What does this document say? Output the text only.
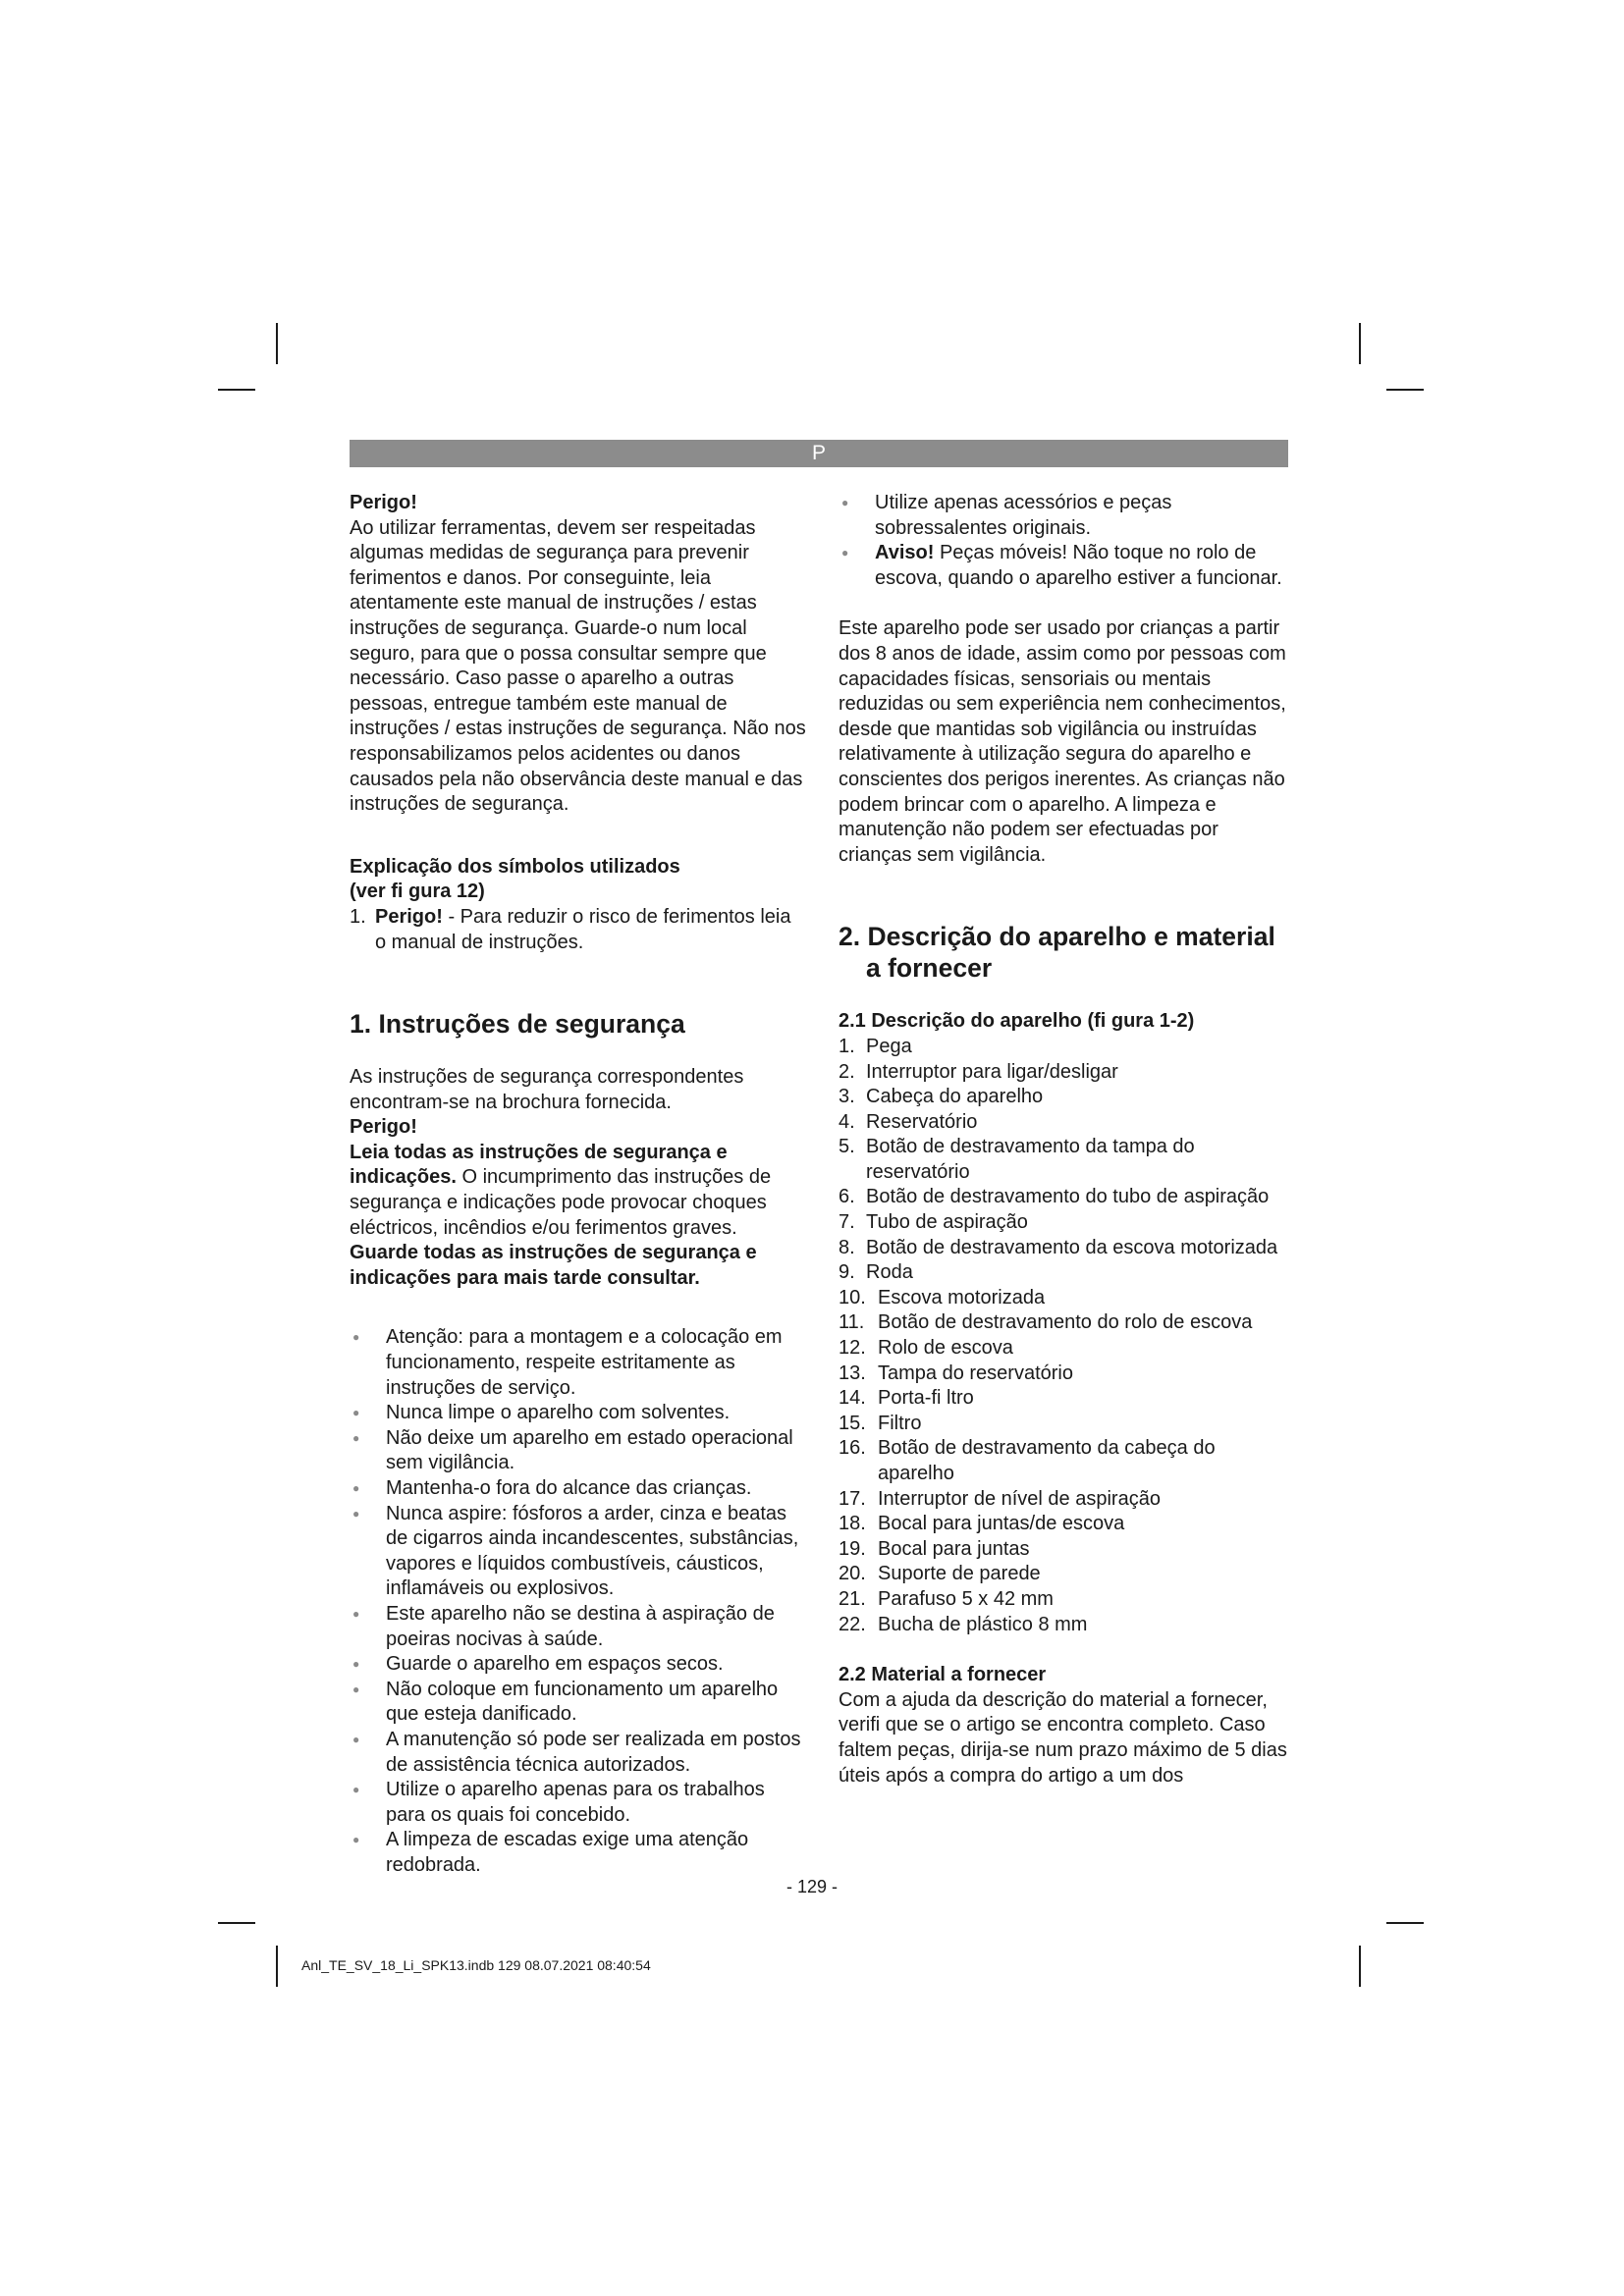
P

Perigo!

Ao utilizar ferramentas, devem ser respeitadas algumas medidas de segurança para prevenir ferimentos e danos. Por conseguinte, leia atentamente este manual de instruções / estas instruções de segurança. Guarde-o num local seguro, para que o possa consultar sempre que necessário. Caso passe o aparelho a outras pessoas, entregue também este manual de instruções / estas instruções de segurança. Não nos responsabilizamos pelos acidentes ou danos causados pela não observância deste manual e das instruções de segurança.

Explicação dos símbolos utilizados

(ver fi gura 12)

1. Perigo! - Para reduzir o risco de ferimentos leia o manual de instruções.

1. Instruções de segurança

As instruções de segurança correspondentes encontram-se na brochura fornecida.

Perigo!

Leia todas as instruções de segurança e indicações. O incumprimento das instruções de segurança e indicações pode provocar choques eléctricos, incêndios e/ou ferimentos graves.

Guarde todas as instruções de segurança e indicações para mais tarde consultar.

● Atenção: para a montagem e a colocação em funcionamento, respeite estritamente as instruções de serviço.
● Nunca limpe o aparelho com solventes.
● Não deixe um aparelho em estado operacional sem vigilância.
● Mantenha-o fora do alcance das crianças.
● Nunca aspire: fósforos a arder, cinza e beatas de cigarros ainda incandescentes, substâncias, vapores e líquidos combustíveis, cáusticos, inflamáveis ou explosivos.
● Este aparelho não se destina à aspiração de poeiras nocivas à saúde.
● Guarde o aparelho em espaços secos.
● Não coloque em funcionamento um aparelho que esteja danificado.
● A manutenção só pode ser realizada em postos de assistência técnica autorizados.
● Utilize o aparelho apenas para os trabalhos para os quais foi concebido.
● A limpeza de escadas exige uma atenção redobrada.
● Utilize apenas acessórios e peças sobressalentes originais.
● Aviso! Peças móveis! Não toque no rolo de escova, quando o aparelho estiver a funcionar.

Este aparelho pode ser usado por crianças a partir dos 8 anos de idade, assim como por pessoas com capacidades físicas, sensoriais ou mentais reduzidas ou sem experiência nem conhecimentos, desde que mantidas sob vigilância ou instruídas relativamente à utilização segura do aparelho e conscientes dos perigos inerentes. As crianças não podem brincar com o aparelho. A limpeza e manutenção não podem ser efectuadas por crianças sem vigilância.

2. Descrição do aparelho e material a fornecer

2.1 Descrição do aparelho (fi gura 1-2)

1. Pega
2. Interruptor para ligar/desligar
3. Cabeça do aparelho
4. Reservatório
5. Botão de destravamento da tampa do reservatório
6. Botão de destravamento do tubo de aspiração
7. Tubo de aspiração
8. Botão de destravamento da escova motorizada
9. Roda
10. Escova motorizada
11. Botão de destravamento do rolo de escova
12. Rolo de escova
13. Tampa do reservatório
14. Porta-fi ltro
15. Filtro
16. Botão de destravamento da cabeça do aparelho
17. Interruptor de nível de aspiração
18. Bocal para juntas/de escova
19. Bocal para juntas
20. Suporte de parede
21. Parafuso 5 x 42 mm
22. Bucha de plástico 8 mm

2.2 Material a fornecer

Com a ajuda da descrição do material a fornecer, verifi que se o artigo se encontra completo. Caso faltem peças, dirija-se num prazo máximo de 5 dias úteis após a compra do artigo a um dos

- 129 -
Anl_TE_SV_18_Li_SPK13.indb 129 08.07.2021 08:40:54
